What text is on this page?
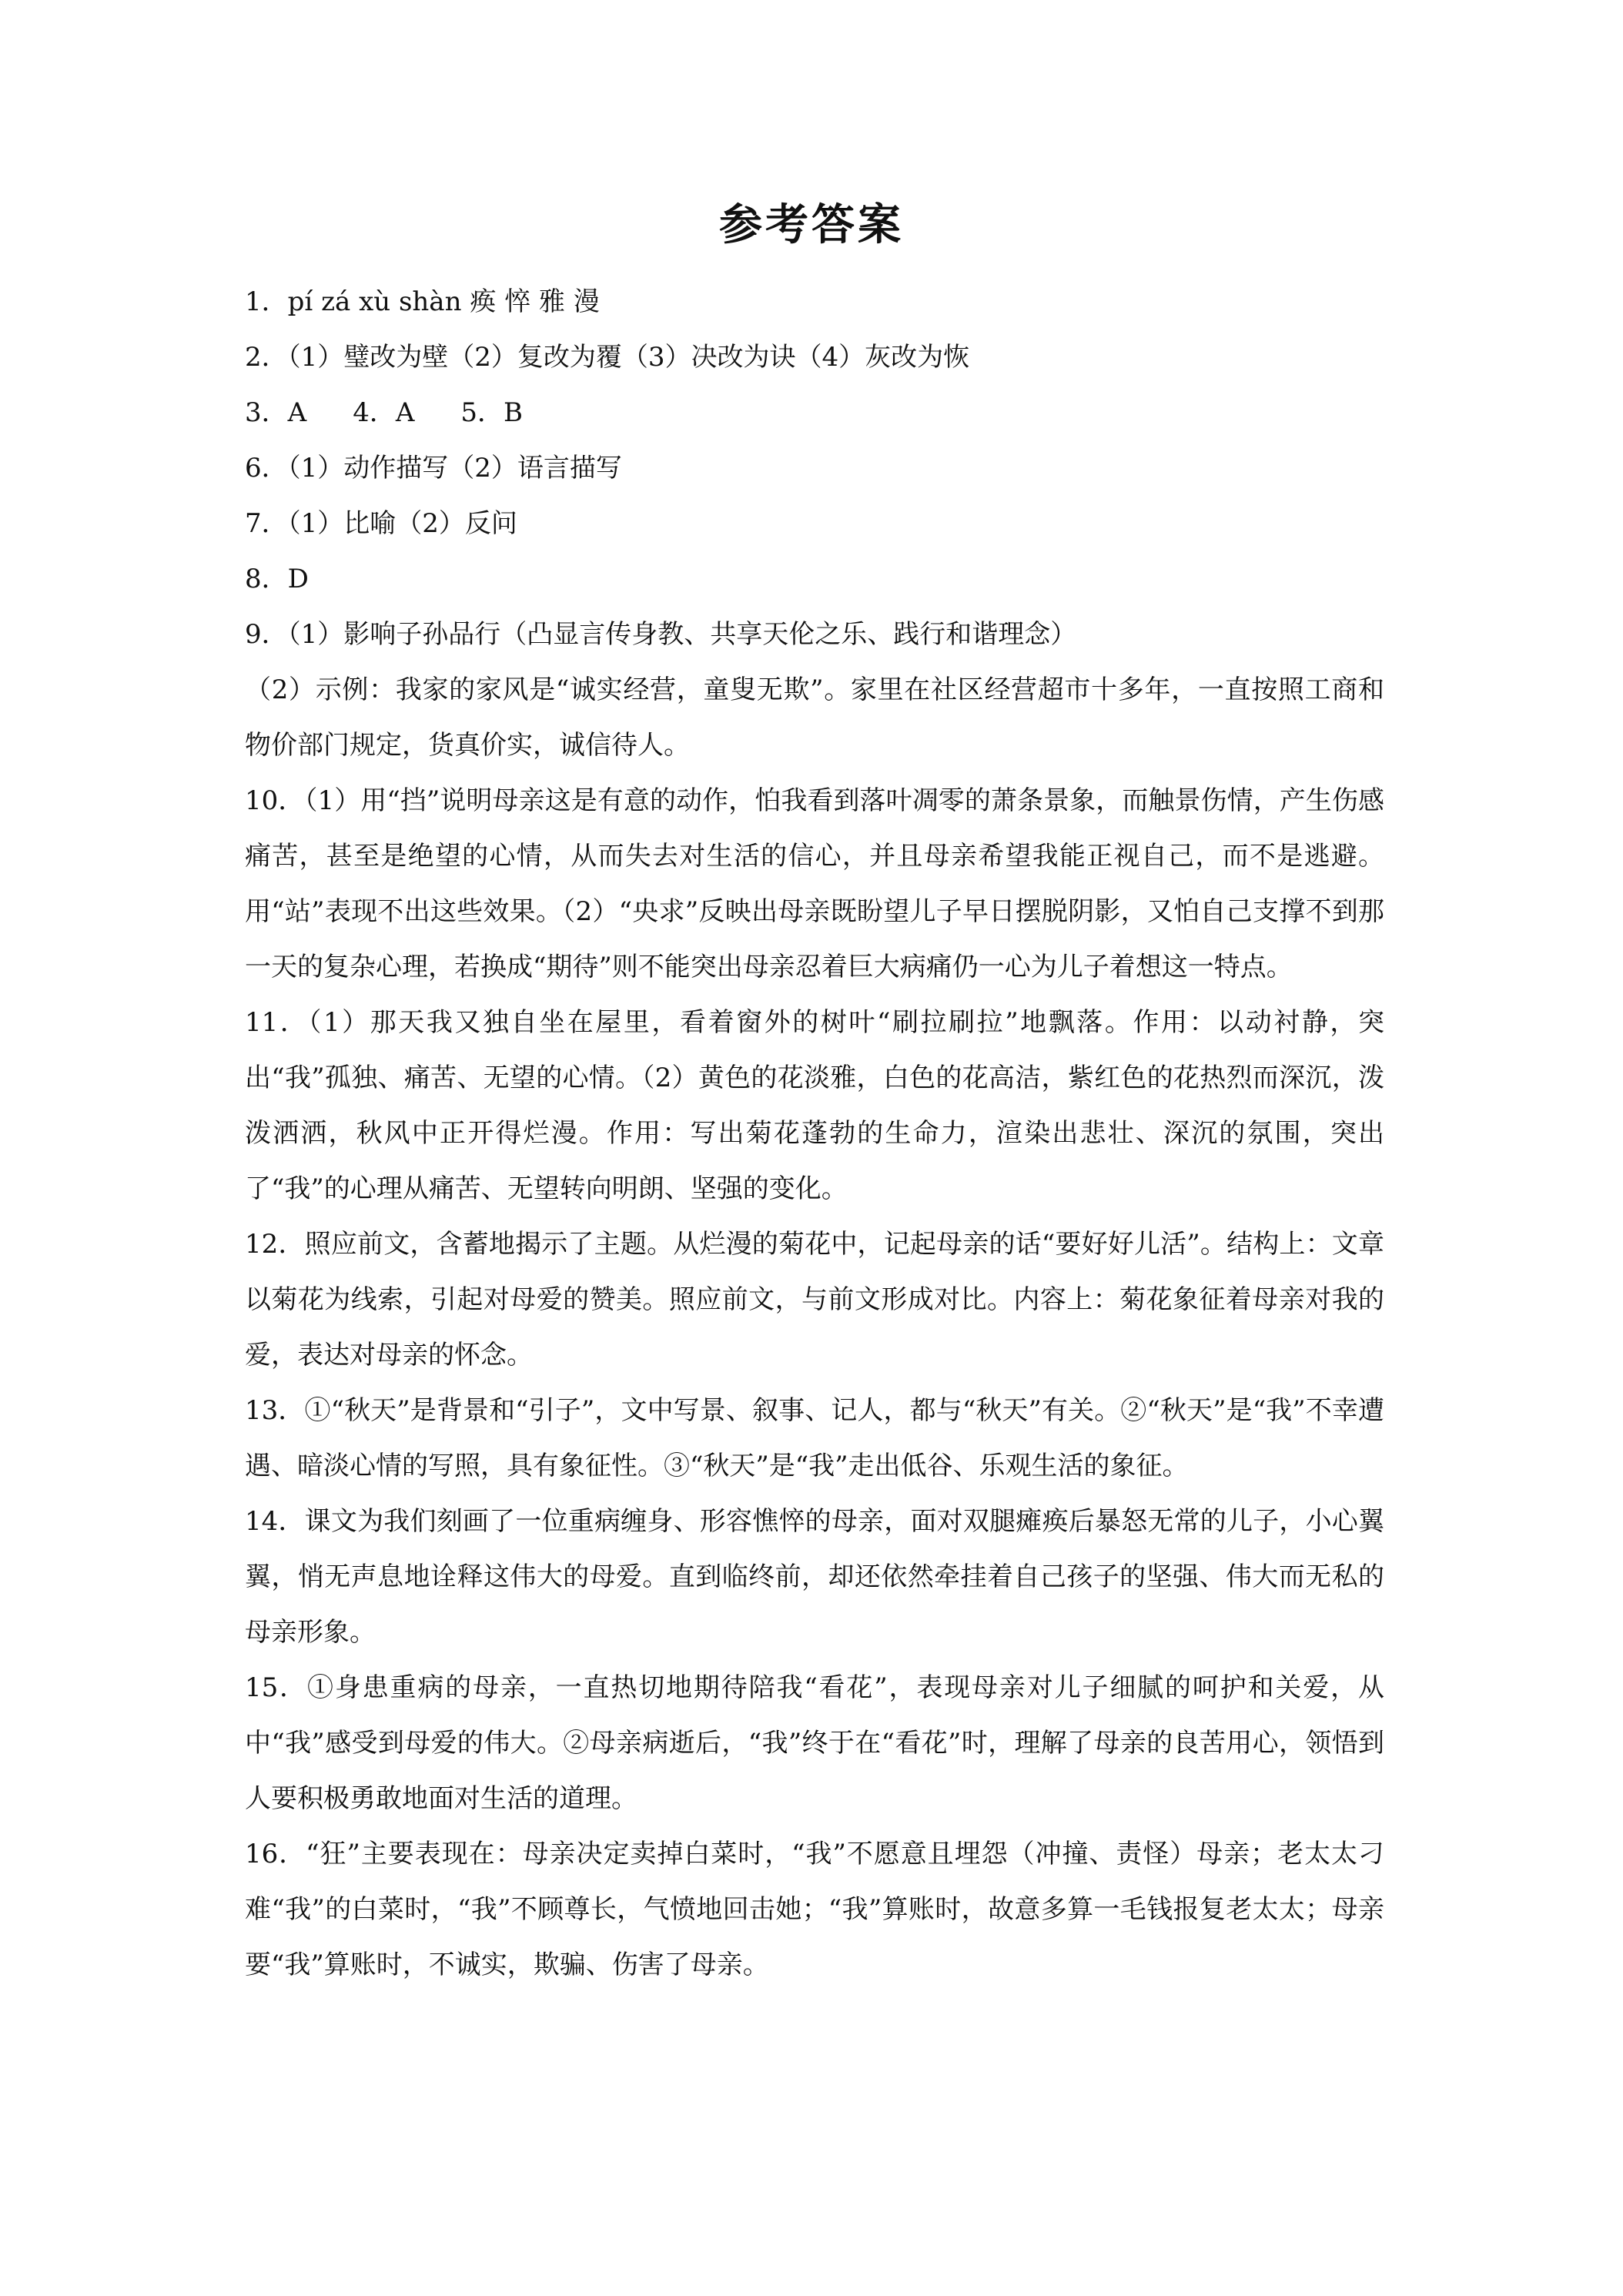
参考答案

1．pí zá xù shàn 痪 悴 雅 漫

2．（1）璧改为壁（2）复改为覆（3）决改为诀（4）灰改为恢

3．A 4．A 5．B

6．（1）动作描写（2）语言描写

7．（1）比喻（2）反问

8．D

9．（1）影响子孙品行（凸显言传身教、共享天伦之乐、践行和谐理念）

（2）示例：我家的家风是“诚实经营，童叟无欺”。家里在社区经营超市十多年，一直按照工商和物价部门规定，货真价实，诚信待人。

10．（1）用“挡”说明母亲这是有意的动作，怕我看到落叶凋零的萧条景象，而触景伤情，产生伤感痛苦，甚至是绝望的心情，从而失去对生活的信心，并且母亲希望我能正视自己，而不是逃避。用“站”表现不出这些效果。（2）“央求”反映出母亲既盼望儿子早日摆脱阴影，又怕自己支撑不到那一天的复杂心理，若换成“期待”则不能突出母亲忍着巨大病痛仍一心为儿子着想这一特点。

11．（1）那天我又独自坐在屋里，看着窗外的树叶“刷拉刷拉”地飘落。作用：以动衬静，突出“我”孤独、痛苦、无望的心情。（2）黄色的花淡雅，白色的花高洁，紫红色的花热烈而深沉，泼泼洒洒，秋风中正开得烂漫。作用：写出菊花蓬勃的生命力，渲染出悲壮、深沉的氛围，突出了“我”的心理从痛苦、无望转向明朗、坚强的变化。

12．照应前文，含蓄地揭示了主题。从烂漫的菊花中，记起母亲的话“要好好儿活”。结构上：文章以菊花为线索，引起对母爱的赞美。照应前文，与前文形成对比。内容上：菊花象征着母亲对我的爱，表达对母亲的怀念。

13．①“秋天”是背景和“引子”，文中写景、叙事、记人，都与“秋天”有关。②“秋天”是“我”不幸遭遇、暗淡心情的写照，具有象征性。③“秋天”是“我”走出低谷、乐观生活的象征。

14．课文为我们刻画了一位重病缠身、形容憔悴的母亲，面对双腿瘫痪后暴怒无常的儿子，小心翼翼，悄无声息地诠释这伟大的母爱。直到临终前，却还依然牵挂着自己孩子的坚强、伟大而无私的母亲形象。

15．①身患重病的母亲，一直热切地期待陪我“看花”，表现母亲对儿子细腻的呵护和关爱，从中“我”感受到母爱的伟大。②母亲病逝后，“我”终于在“看花”时，理解了母亲的良苦用心，领悟到人要积极勇敢地面对生活的道理。

16．“狂”主要表现在：母亲决定卖掉白菜时，“我”不愿意且埋怨（冲撞、责怪）母亲；老太太刁难“我”的白菜时，“我”不顾尊长，气愤地回击她；“我”算账时，故意多算一毛钱报复老太太；母亲要“我”算账时，不诚实，欺骗、伤害了母亲。
